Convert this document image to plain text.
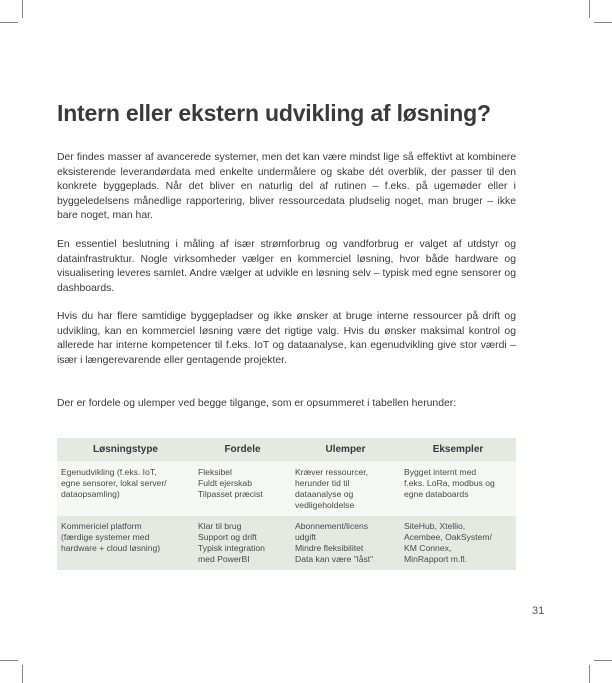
Intern eller ekstern udvikling af løsning?

Der findes masser af avancerede systemer, men det kan være mindst lige så effektivt at kombinere eksisterende leverandørdata med enkelte undermålere og skabe dét overblik, der passer til den konkrete byggeplads. Når det bliver en naturlig del af rutinen – f.eks. på ugemøder eller i byggeledelsens månedlige rapportering, bliver ressourcedata pludselig noget, man bruger – ikke bare noget, man har.

En essentiel beslutning i måling af især strømforbrug og vandforbrug er valget af utdstyr og datainfrastruktur. Nogle virksomheder vælger en kommerciel løsning, hvor både hardware og visualisering leveres samlet. Andre vælger at udvikle en løsning selv – typisk med egne sensorer og dashboards.

Hvis du har flere samtidige byggepladser og ikke ønsker at bruge interne ressourcer på drift og udvikling, kan en kommerciel løsning være det rigtige valg. Hvis du ønsker maksimal kontrol og allerede har interne kompetencer til f.eks. IoT og dataanalyse, kan egenudvikling give stor værdi – især i længerevarende eller gentagende projekter.

Der er fordele og ulemper ved begge tilgange, som er opsummeret i tabellen herunder:

Løsningstype	Fordele	Ulemper	Eksempler

Egenudvikling (f.eks. IoT,
egne sensorer, lokal server/
dataopsamling)	Fleksibel
Fuldt ejerskab
Tilpasset præcist	Kræver ressourcer,
herunder tid til
dataanalyse og
vedligeholdelse	Bygget internt med
f.eks. LoRa, modbus og
egne databoards

Kommericiel platform
(færdige systemer med
hardware + cloud løsning)	Klar til brug
Support og drift
Typisk integration
med PowerBI	Abonnement/licens
udgift
Mindre fleksibilitet
Data kan være "låst"	SiteHub, Xtellio,
Acembee, OakSystem/
KM Connex,
MinRapport m.fl.
31
